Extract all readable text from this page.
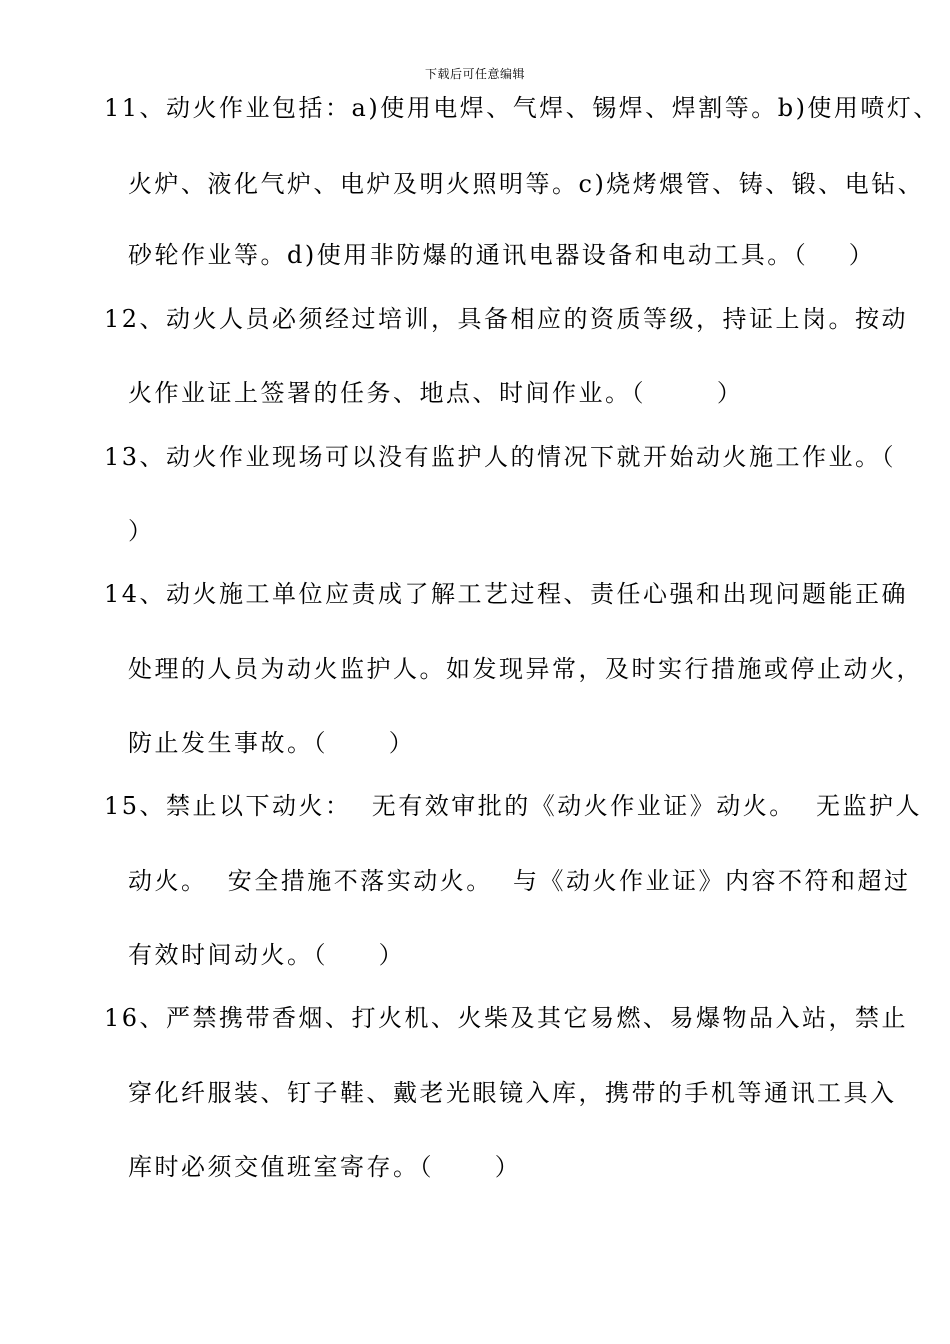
下载后可任意编辑
11、动火作业包括：a)使用电焊、气焊、锡焊、焊割等。b)使用喷灯、
火炉、液化气炉、电炉及明火照明等。c)烧烤煨管、铸、锻、电钻、
砂轮作业等。d)使用非防爆的通讯电器设备和电动工具。（    ）
12、动火人员必须经过培训，具备相应的资质等级，持证上岗。按动
火作业证上签署的任务、地点、时间作业。（       ）
13、动火作业现场可以没有监护人的情况下就开始动火施工作业。（
）
14、动火施工单位应责成了解工艺过程、责任心强和出现问题能正确
处理的人员为动火监护人。如发现异常，及时实行措施或停止动火，
防止发生事故。（      ）
15、禁止以下动火：  无有效审批的《动火作业证》动火。  无监护人
动火。  安全措施不落实动火。  与《动火作业证》内容不符和超过
有效时间动火。（     ）
16、严禁携带香烟、打火机、火柴及其它易燃、易爆物品入站，禁止
穿化纤服装、钉子鞋、戴老光眼镜入库，携带的手机等通讯工具入
库时必须交值班室寄存。（      ）
